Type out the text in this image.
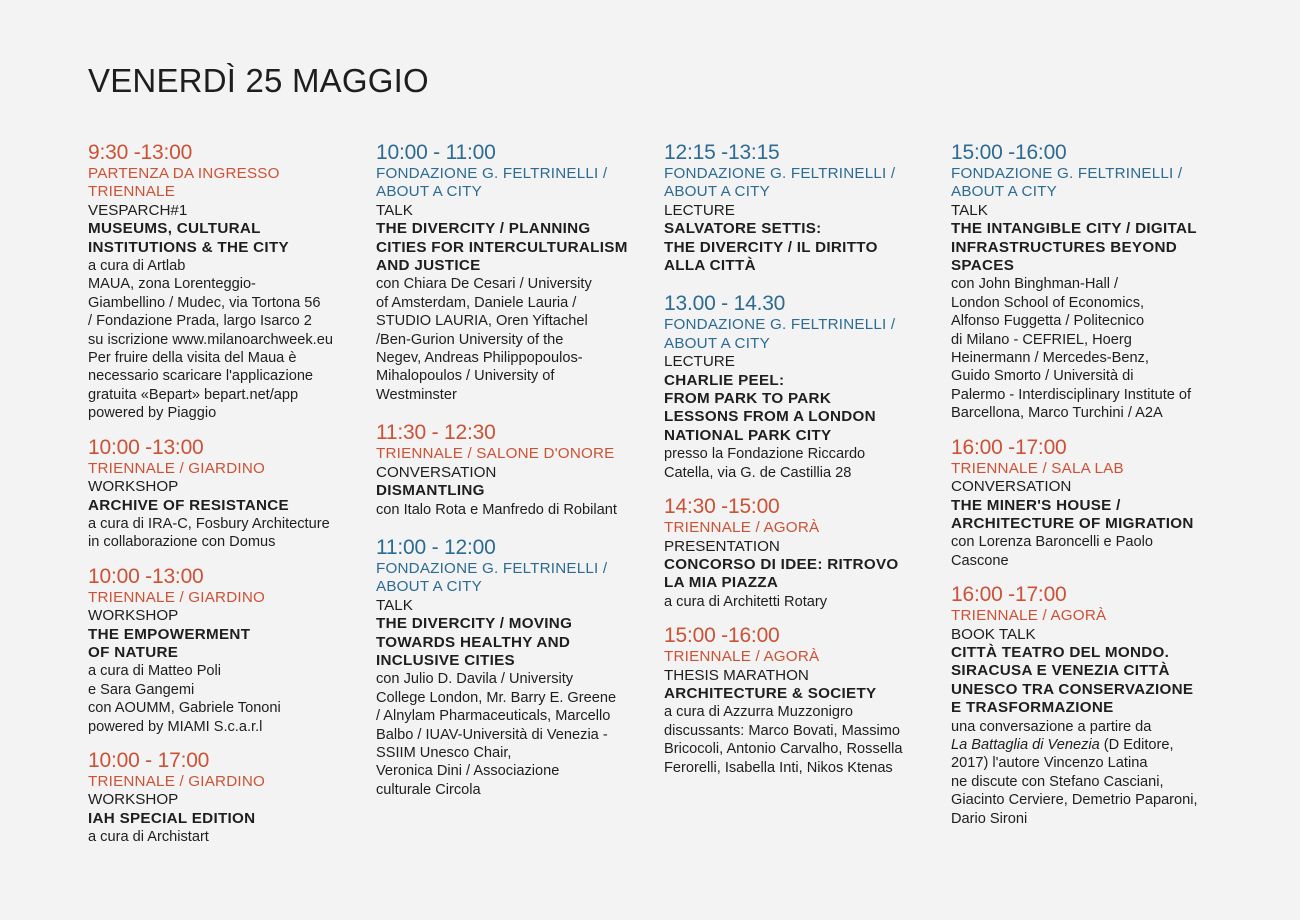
VENERDÌ 25 MAGGIO
9:30 -13:00
PARTENZA DA INGRESSO
TRIENNALE
VESPARCH#1
MUSEUMS, CULTURAL
INSTITUTIONS & THE CITY
a cura di Artlab
MAUA, zona Lorenteggio-
Giambellino / Mudec, via Tortona 56
/ Fondazione Prada, largo Isarco 2
su iscrizione www.milanoarchweek.eu
Per fruire della visita del Maua è
necessario scaricare l'applicazione
gratuita «Bepart» bepart.net/app
powered by Piaggio
10:00 -13:00
TRIENNALE / GIARDINO
WORKSHOP
ARCHIVE OF RESISTANCE
a cura di IRA-C, Fosbury Architecture
in collaborazione con Domus
10:00 -13:00
TRIENNALE / GIARDINO
WORKSHOP
THE EMPOWERMENT
OF NATURE
a cura di Matteo Poli
e Sara Gangemi
con AOUMM, Gabriele Tononi
powered by MIAMI S.c.a.r.l
10:00 - 17:00
TRIENNALE / GIARDINO
WORKSHOP
IAH SPECIAL EDITION
a cura di Archistart
10:00 - 11:00
FONDAZIONE G. FELTRINELLI /
ABOUT A CITY
TALK
THE DIVERCITY / PLANNING
CITIES FOR INTERCULTURALISM
AND JUSTICE
con Chiara De Cesari / University
of Amsterdam, Daniele Lauria /
STUDIO LAURIA, Oren Yiftachel
/Ben-Gurion University of the
Negev, Andreas Philippopoulos-
Mihalopoulos / University of
Westminster
11:30 - 12:30
TRIENNALE / SALONE D'ONORE
CONVERSATION
DISMANTLING
con Italo Rota e Manfredo di Robilant
11:00 - 12:00
FONDAZIONE G. FELTRINELLI /
ABOUT A CITY
TALK
THE DIVERCITY / MOVING
TOWARDS HEALTHY AND
INCLUSIVE CITIES
con Julio D. Davila / University
College London, Mr. Barry E. Greene
/ Alnylam Pharmaceuticals, Marcello
Balbo / IUAV-Università di Venezia -
SSIIM Unesco Chair,
Veronica Dini / Associazione
culturale Circola
12:15 -13:15
FONDAZIONE G. FELTRINELLI /
ABOUT A CITY
LECTURE
SALVATORE SETTIS:
THE DIVERCITY / IL DIRITTO
ALLA CITTÀ
13.00 - 14.30
FONDAZIONE G. FELTRINELLI /
ABOUT A CITY
LECTURE
CHARLIE PEEL:
FROM PARK TO PARK
LESSONS FROM A LONDON
NATIONAL PARK CITY
presso la Fondazione Riccardo
Catella, via G. de Castillia 28
14:30 -15:00
TRIENNALE / AGORÀ
PRESENTATION
CONCORSO DI IDEE: RITROVO
LA MIA PIAZZA
a cura di Architetti Rotary
15:00 -16:00
TRIENNALE / AGORÀ
THESIS MARATHON
ARCHITECTURE & SOCIETY
a cura di Azzurra Muzzonigro
discussants: Marco Bovati, Massimo
Bricocoli, Antonio Carvalho, Rossella
Ferorelli, Isabella Inti, Nikos Ktenas
15:00 -16:00
FONDAZIONE G. FELTRINELLI /
ABOUT A CITY
TALK
THE INTANGIBLE CITY / DIGITAL
INFRASTRUCTURES BEYOND
SPACES
con John Binghman-Hall /
London School of Economics,
Alfonso Fuggetta / Politecnico
di Milano - CEFRIEL, Hoerg
Heinermann / Mercedes-Benz,
Guido Smorto / Università di
Palermo - Interdisciplinary Institute of
Barcellona, Marco Turchini / A2A
16:00 -17:00
TRIENNALE / SALA LAB
CONVERSATION
THE MINER'S HOUSE /
ARCHITECTURE OF MIGRATION
con Lorenza Baroncelli e Paolo
Cascone
16:00 -17:00
TRIENNALE / AGORÀ
BOOK TALK
CITTÀ TEATRO DEL MONDO.
SIRACUSA E VENEZIA CITTÀ
UNESCO TRA CONSERVAZIONE
E TRASFORMAZIONE
una conversazione a partire da
La Battaglia di Venezia (D Editore,
2017) l'autore Vincenzo Latina
ne discute con Stefano Casciani,
Giacinto Cerviere, Demetrio Paparoni,
Dario Sironi
